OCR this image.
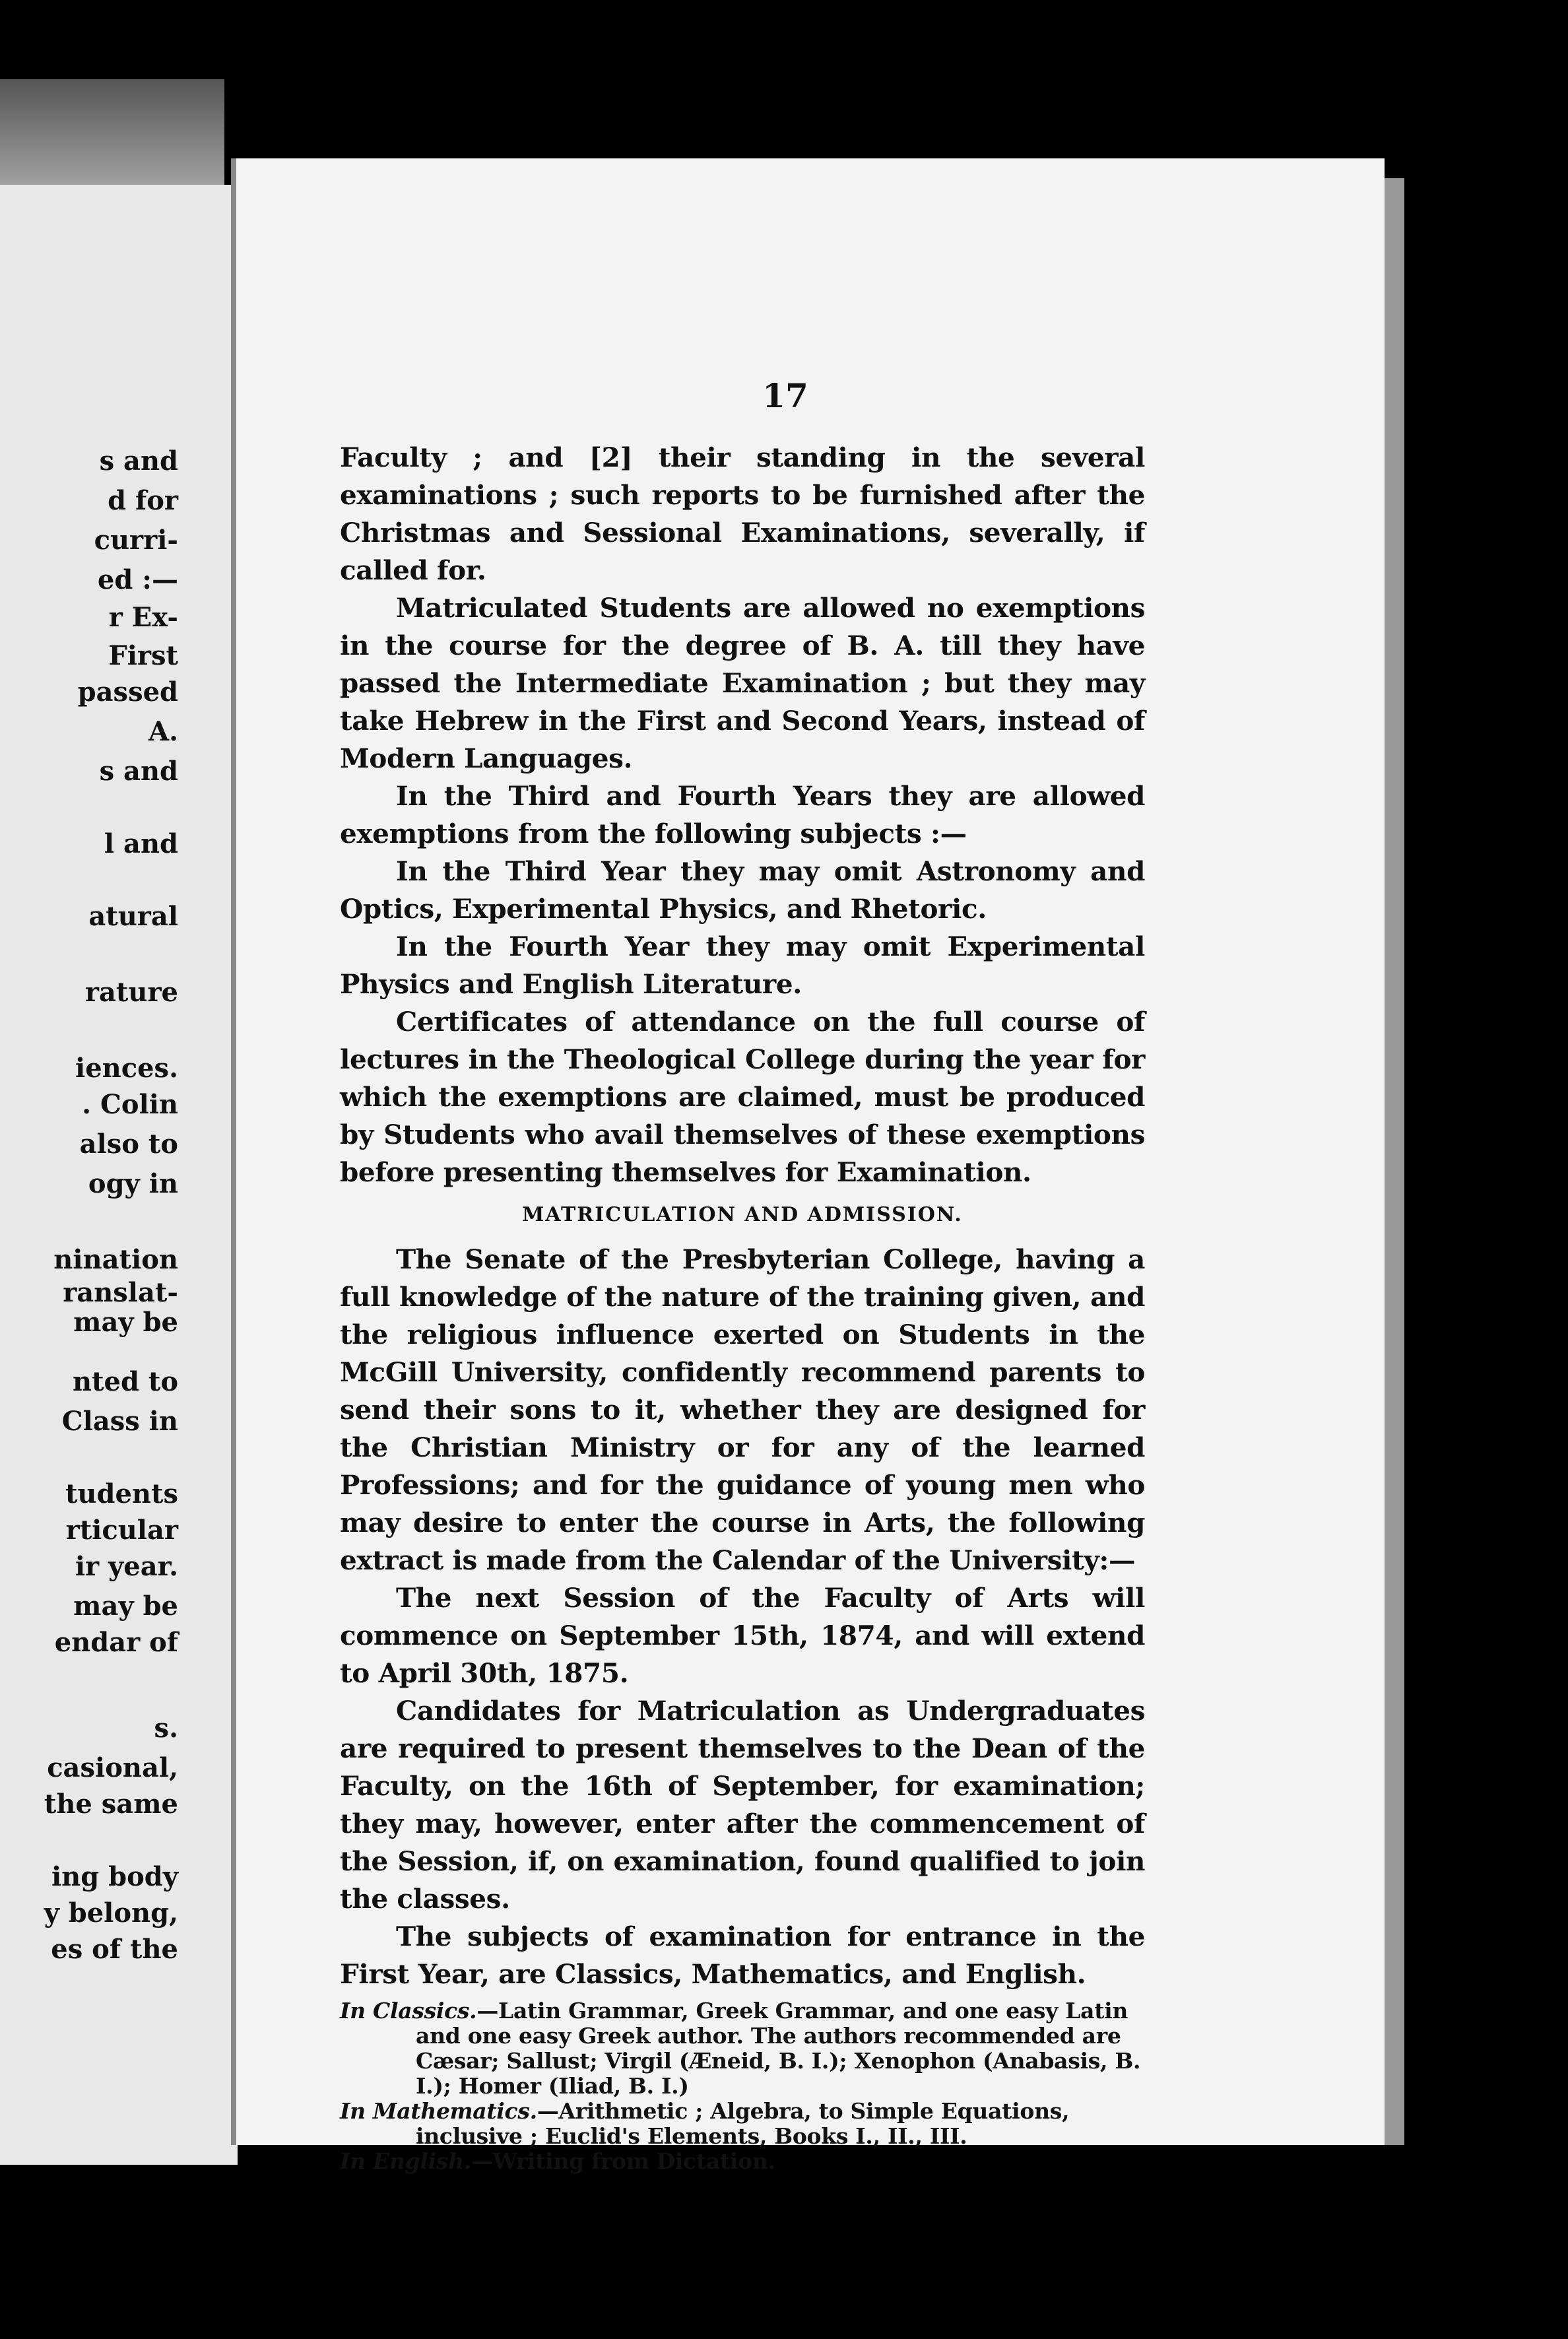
s and
d for
curri-
ed :—
r Ex-
First
passed
A.
s and
l and
atural
rature
iences.
. Colin
also to
ogy in
nination
ranslat-
may be
nted to
Class in
tudents
rticular
ir year.
may be
endar of
s.
casional,
the same
ing body
y belong,
es of the
17

Faculty ; and [2] their standing in the several examinations ; such reports to be furnished after the Christmas and Sessional Examinations, severally, if called for.

Matriculated Students are allowed no exemptions in the course for the degree of B. A. till they have passed the Intermediate Examination ; but they may take Hebrew in the First and Second Years, instead of Modern Languages.

In the Third and Fourth Years they are allowed exemptions from the following subjects :—

In the Third Year they may omit Astronomy and Optics, Experimental Physics, and Rhetoric.

In the Fourth Year they may omit Experimental Physics and English Literature.

Certificates of attendance on the full course of lectures in the Theological College during the year for which the exemptions are claimed, must be produced by Students who avail themselves of these exemptions before presenting themselves for Examination.

MATRICULATION AND ADMISSION.

The Senate of the Presbyterian College, having a full knowledge of the nature of the training given, and the religious influence exerted on Students in the McGill University, confidently recommend parents to send their sons to it, whether they are designed for the Christian Ministry or for any of the learned Professions; and for the guidance of young men who may desire to enter the course in Arts, the following extract is made from the Calendar of the University:—

The next Session of the Faculty of Arts will commence on September 15th, 1874, and will extend to April 30th, 1875.

Candidates for Matriculation as Undergraduates are required to present themselves to the Dean of the Faculty, on the 16th of September, for examination; they may, however, enter after the commencement of the Session, if, on examination, found qualified to join the classes.

The subjects of examination for entrance in the First Year, are Classics, Mathematics, and English.

In Classics.—Latin Grammar, Greek Grammar, and one easy Latin and one easy Greek author. The authors recommended are Cæsar; Sallust; Virgil (Æneid, B. I.); Xenophon (Anabasis, B. I.); Homer (Iliad, B. I.)
In Mathematics.—Arithmetic ; Algebra, to Simple Equations, inclusive ; Euclid's Elements, Books I., II., III.
In English.—Writing from Dictation.
